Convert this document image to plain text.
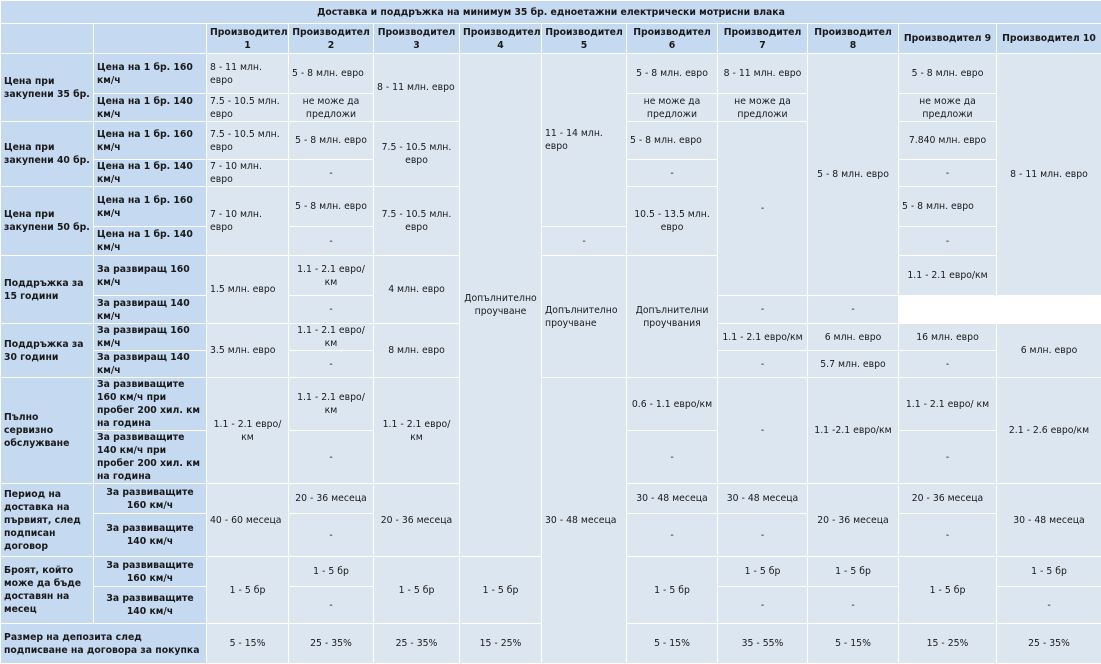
Доставка и поддръжка на минимум 35 бр. едноетажни електрически мотрисни влака												
		Производител 1	Производител 2	Производител 3	Производител 4	Производител 5	Производител 6	Производител 7	Производител 8	Производител 9	Производител 10	
Цена при закупени 35 бр.	Цена на 1 бр. 160 км/ч	8 - 11 млн. евро	5 - 8 млн. евро	8 - 11 млн. евро	Допълнително проучване	11 - 14 млн. евро	5 - 8 млн. евро	8 - 11 млн. евро	5 - 8 млн. евро	5 - 8 млн. евро	8 - 11 млн. евро	
	Цена на 1 бр. 140 км/ч	7.5 - 10.5 млн. евро	не може да предложи				не може да предложи	не може да предложи		не може да предложи		
Цена при закупени 40 бр.	Цена на 1 бр. 160 км/ч	7.5 - 10.5 млн. евро	5 - 8 млн. евро	7.5 - 10.5 млн. евро			5 - 8 млн. евро	-		7.840 млн. евро		
	Цена на 1 бр. 140 км/ч	7 - 10 млн. евро	-				-			-		
Цена при закупени 50 бр.	Цена на 1 бр. 160 км/ч	7 - 10 млн. евро	5 - 8 млн. евро	7.5 - 10.5 млн. евро			10.5 - 13.5 млн. евро			5 - 8 млн. евро	
	Цена на 1 бр. 140 км/ч		-			-				-		
Поддръжка за 15 години	За развиращ 160 км/ч	1.5 млн. евро	1.1 - 2.1 евро/ км	4 млн. евро		Допълнително проучване	Допълнителни проучвания			1.1 - 2.1 евро/км			
	За развиращ 140 км/ч		-					-	-			
Поддръжка за 30 години	За развиращ 160 км/ч	3.5 млн. евро	1.1 - 2.1 евро/ км	8 млн. евро				1.1 - 2.1 евро/км	6 млн. евро	16 млн. евро	6 млн. евро	
	За развиращ 140 км/ч		-					-	5.7 млн. евро	-		
Пълно сервизно обслужване	За развиващите 160 км/ч при пробег 200 хил. км на година	1.1 - 2.1 евро/км	1.1 - 2.1 евро/ км	1.1 - 2.1 евро/км		30 - 48 месеца	0.6 - 1.1 евро/км	-	1.1 -2.1 евро/км	1.1 - 2.1 евро/ км	2.1 - 2.6 евро/км	
	За развиващите 140 км/ч при пробег 200 хил. км на година		-				-			-		
Период на доставка на първият, след подписан договор	За развиващите 160 км/ч	40 - 60 месеца	20 - 36 месеца	20 - 36 месеца			30 - 48 месеца	30 - 48 месеца	20 - 36 месеца	20 - 36 месеца	30 - 48 месеца	
	За развиващите 140 км/ч		-				-	-		-		
Броят, който може да бъде доставян на месец	За развиващите 160 км/ч	1 - 5 бр	1 - 5 бр	1 - 5 бр	1 - 5 бр		1 - 5 бр	1 - 5 бр	1 - 5 бр	1 - 5 бр	1 - 5 бр	
	За развиващите 140 км/ч		-					-	-		-	
Размер на депозита след подписване на договора за покупка		5 - 15%	25 - 35%	25 - 35%	15 - 25%		5 - 15%	35 - 55%	5 - 15%	15 - 25%	25 - 35%	
